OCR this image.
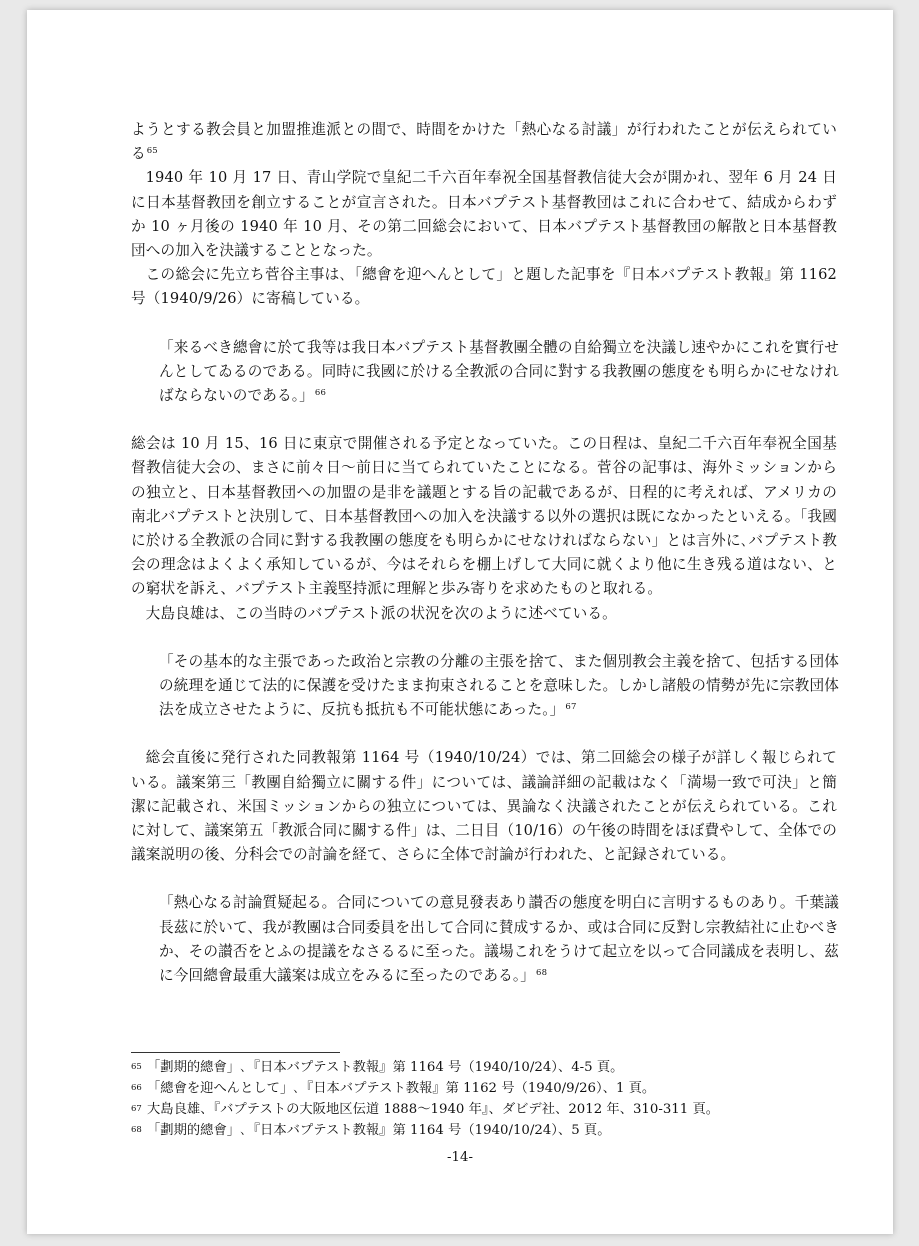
ようとする教会員と加盟推進派との間で、時間をかけた「熱心なる討議」が行われたことが伝えられている$^{65}$

1940 年 10 月 17 日、青山学院で皇紀二千六百年奉祝全国基督教信徒大会が開かれ、翌年 6 月 24 日に日本基督教団を創立することが宣言された。日本バプテスト基督教団はこれに合わせて、結成からわずか 10 ヶ月後の 1940 年 10 月、その第二回総会において、日本バプテスト基督教団の解散と日本基督教団への加入を決議することとなった。

この総会に先立ち菅谷主事は､「總會を迎へんとして」と題した記事を『日本バプテスト教報』第 1162 号（1940/9/26）に寄稿している。

「来るべき總會に於て我等は我日本バプテスト基督教團全體の自給獨立を決議し速やかにこれを實行せんとしてゐるのである。同時に我國に於ける全教派の合同に對する我教團の態度をも明らかにせなければならないのである。」$^{66}$

総会は 10 月 15、16 日に東京で開催される予定となっていた。この日程は、皇紀二千六百年奉祝全国基督教信徒大会の、まさに前々日～前日に当てられていたことになる。菅谷の記事は、海外ミッションからの独立と、日本基督教団への加盟の是非を議題とする旨の記載であるが、日程的に考えれば、アメリカの南北バプテストと決別して、日本基督教団への加入を決議する以外の選択は既になかったといえる。「我國に於ける全教派の合同に對する我教團の態度をも明らかにせなければならない」とは言外に､バプテスト教会の理念はよくよく承知しているが、今はそれらを棚上げして大同に就くより他に生き残る道はない、との窮状を訴え、バプテスト主義堅持派に理解と歩み寄りを求めたものと取れる。

大島良雄は、この当時のバプテスト派の状況を次のように述べている。

「その基本的な主張であった政治と宗教の分離の主張を捨て、また個別教会主義を捨て、包括する団体の統理を通じて法的に保護を受けたまま拘束されることを意味した。しかし諸般の情勢が先に宗教団体法を成立させたように、反抗も抵抗も不可能状態にあった。」$^{67}$

総会直後に発行された同教報第 1164 号（1940/10/24）では、第二回総会の様子が詳しく報じられている。議案第三「教團自給獨立に關する件」については、議論詳細の記載はなく「満場一致で可決」と簡潔に記載され、米国ミッションからの独立については、異論なく決議されたことが伝えられている。これに対して、議案第五「教派合同に關する件」は、二日目（10/16）の午後の時間をほぼ費やして、全体での議案説明の後、分科会での討論を経て、さらに全体で討論が行われた、と記録されている。

「熱心なる討論質疑起る。合同についての意見發表あり讃否の態度を明白に言明するものあり。千葉議長茲に於いて、我が教團は合同委員を出して合同に賛成するか、或は合同に反對し宗教結社に止むべきか、その讃否をとふの提議をなさるるに至った。議場これをうけて起立を以って合同議成を表明し、茲に今回總會最重大議案は成立をみるに至ったのである。」$^{68}$

65 「劃期的總會」､『日本バプテスト教報』第 1164 号（1940/10/24）、4-5 頁。
66 「總會を迎へんとして」､『日本バプテスト教報』第 1162 号（1940/9/26）、1 頁。
67 大島良雄、『バプテストの大阪地区伝道 1888～1940 年』、ダビデ社、2012 年、310-311 頁。
68 「劃期的總會」､『日本バプテスト教報』第 1164 号（1940/10/24）、5 頁。
-14-
